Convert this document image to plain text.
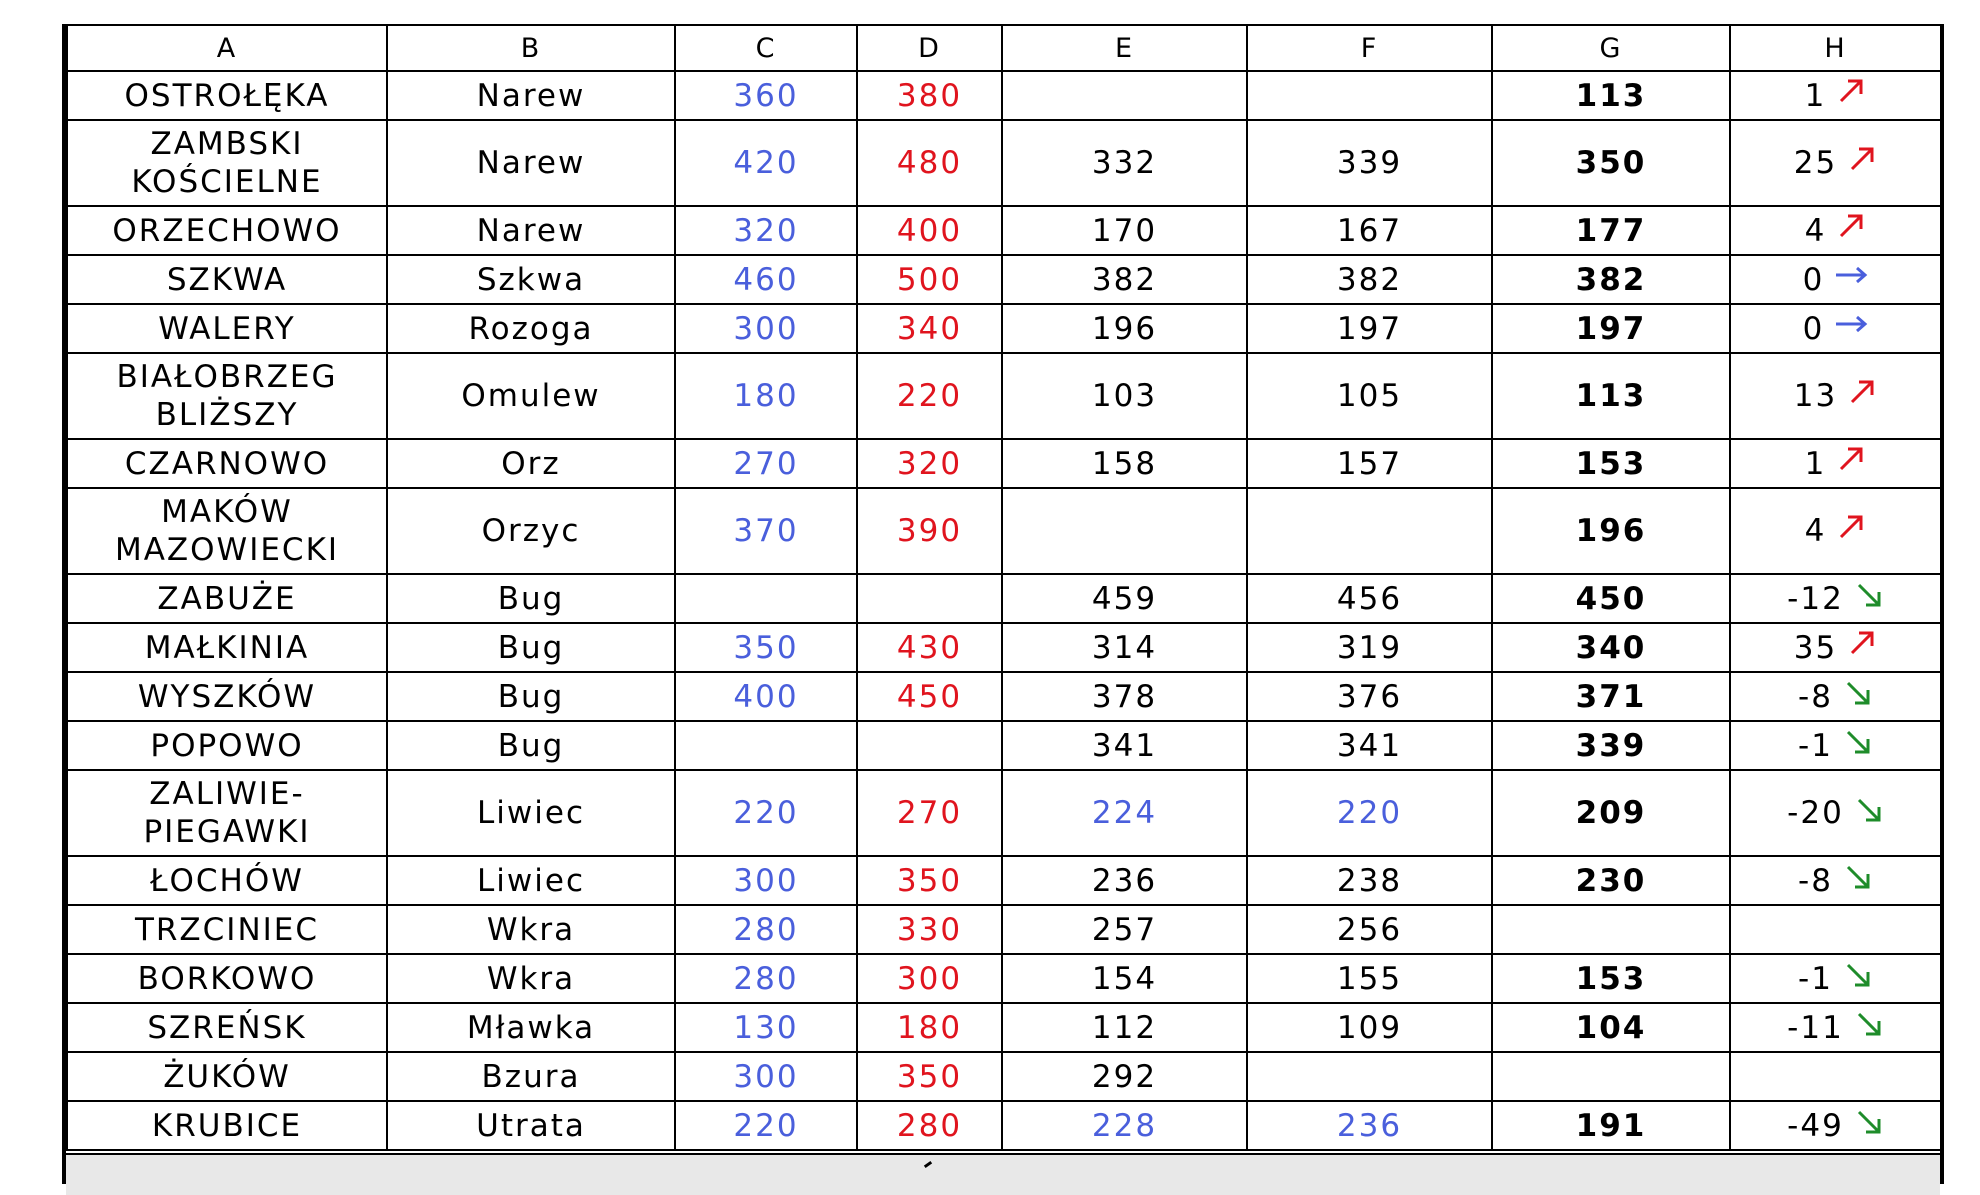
A	B	C	D	E	F	G	H
OSTROŁĘKA	Narew	360	380			113	1

ZAMBSKI KOŚCIELNE	Narew	420	480	332	339	350	25

ORZECHOWO	Narew	320	400	170	167	177	4

SZKWA	Szkwa	460	500	382	382	382	0

WALERY	Rozoga	300	340	196	197	197	0

BIAŁOBRZEG BLIŻSZY	Omulew	180	220	103	105	113	13

CZARNOWO	Orz	270	320	158	157	153	1

MAKÓW MAZOWIECKI	Orzyc	370	390			196	4

ZABUŻE	Bug			459	456	450	-12

MAŁKINIA	Bug	350	430	314	319	340	35

WYSZKÓW	Bug	400	450	378	376	371	-8

POPOWO	Bug			341	341	339	-1

ZALIWIE-PIEGAWKI	Liwiec	220	270	224	220	209	-20

ŁOCHÓW	Liwiec	300	350	236	238	230	-8

TRZCINIEC	Wkra	280	330	257	256		

BORKOWO	Wkra	280	300	154	155	153	-1

SZREŃSK	Mławka	130	180	112	109	104	-11

ŻUKÓW	Bzura	300	350	292			

KRUBICE	Utrata	220	280	228	236	191	-49
